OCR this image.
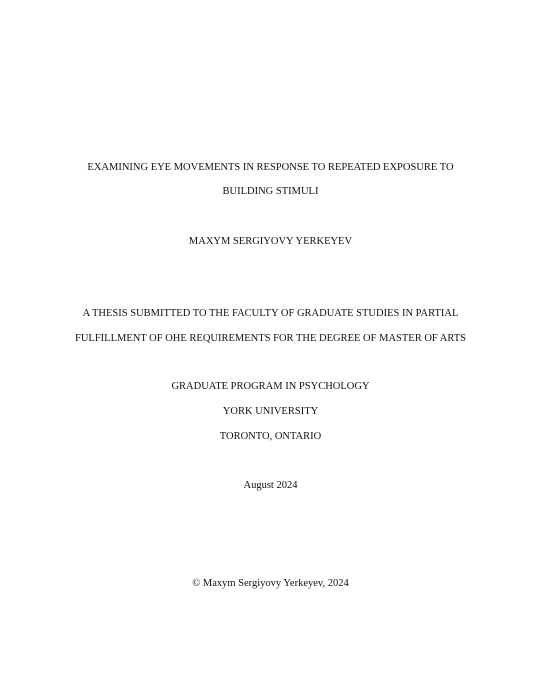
EXAMINING EYE MOVEMENTS IN RESPONSE TO REPEATED EXPOSURE TO
BUILDING STIMULI
MAXYM SERGIYOVY YERKEYEV
A THESIS SUBMITTED TO THE FACULTY OF GRADUATE STUDIES IN PARTIAL
FULFILLMENT OF OHE REQUIREMENTS FOR THE DEGREE OF MASTER OF ARTS
GRADUATE PROGRAM IN PSYCHOLOGY
YORK UNIVERSITY
TORONTO, ONTARIO
August 2024
© Maxym Sergiyovy Yerkeyev, 2024
